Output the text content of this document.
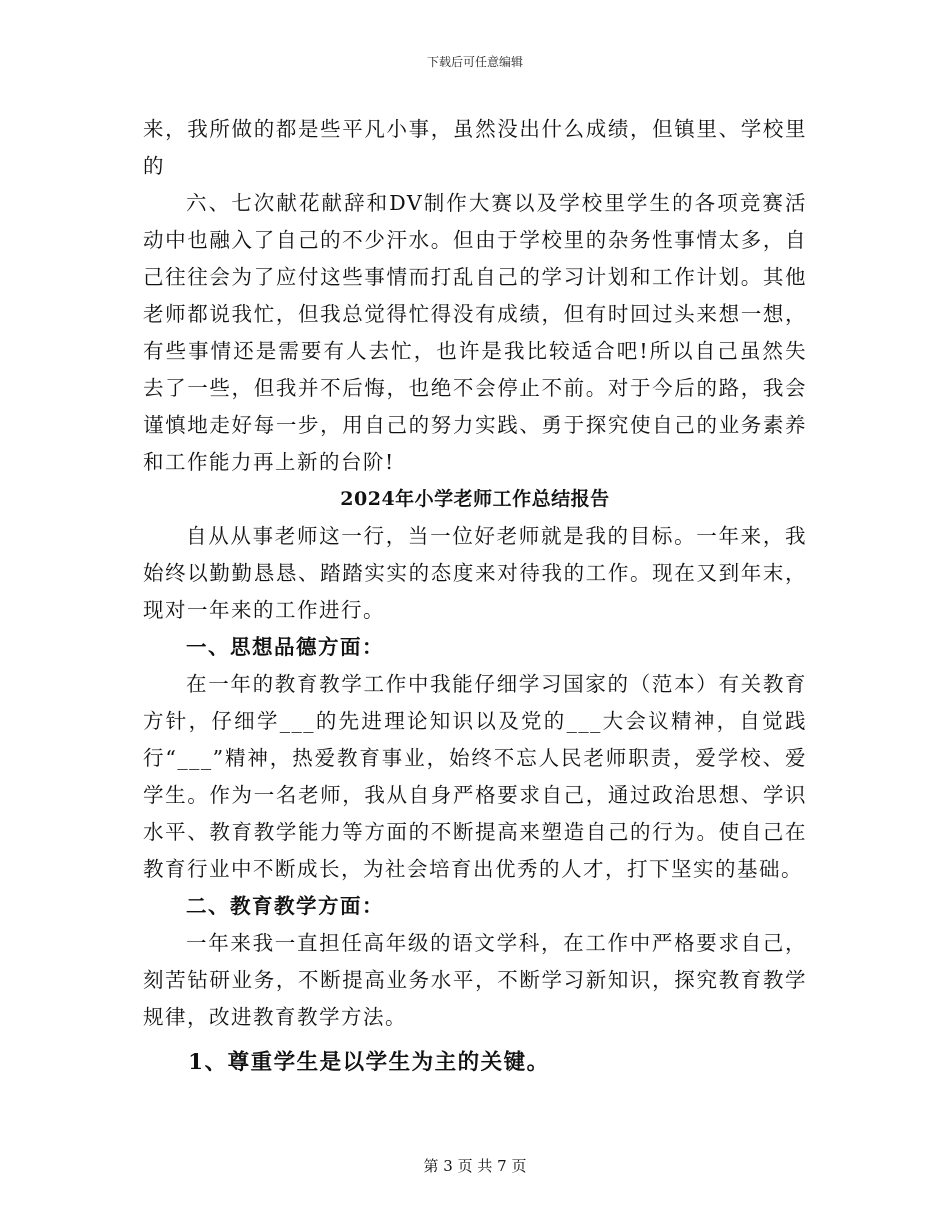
下载后可任意编辑

来，我所做的都是些平凡小事，虽然没出什么成绩，但镇里、学校里的

六、七次献花献辞和DV制作大赛以及学校里学生的各项竞赛活动中也融入了自己的不少汗水。但由于学校里的杂务性事情太多，自己往往会为了应付这些事情而打乱自己的学习计划和工作计划。其他老师都说我忙，但我总觉得忙得没有成绩，但有时回过头来想一想，有些事情还是需要有人去忙，也许是我比较适合吧!所以自己虽然失去了一些，但我并不后悔，也绝不会停止不前。对于今后的路，我会谨慎地走好每一步，用自己的努力实践、勇于探究使自己的业务素养和工作能力再上新的台阶!

2024年小学老师工作总结报告

自从从事老师这一行，当一位好老师就是我的目标。一年来，我始终以勤勤恳恳、踏踏实实的态度来对待我的工作。现在又到年末，现对一年来的工作进行。

一、思想品德方面：

在一年的教育教学工作中我能仔细学习国家的（范本）有关教育方针，仔细学___的先进理论知识以及党的___大会议精神，自觉践行“___”精神，热爱教育事业，始终不忘人民老师职责，爱学校、爱学生。作为一名老师，我从自身严格要求自己，通过政治思想、学识水平、教育教学能力等方面的不断提高来塑造自己的行为。使自己在教育行业中不断成长，为社会培育出优秀的人才，打下坚实的基础。

二、教育教学方面：

一年来我一直担任高年级的语文学科，在工作中严格要求自己，刻苦钻研业务，不断提高业务水平，不断学习新知识，探究教育教学规律，改进教育教学方法。

1、尊重学生是以学生为主的关键。

第 3 页 共 7 页
